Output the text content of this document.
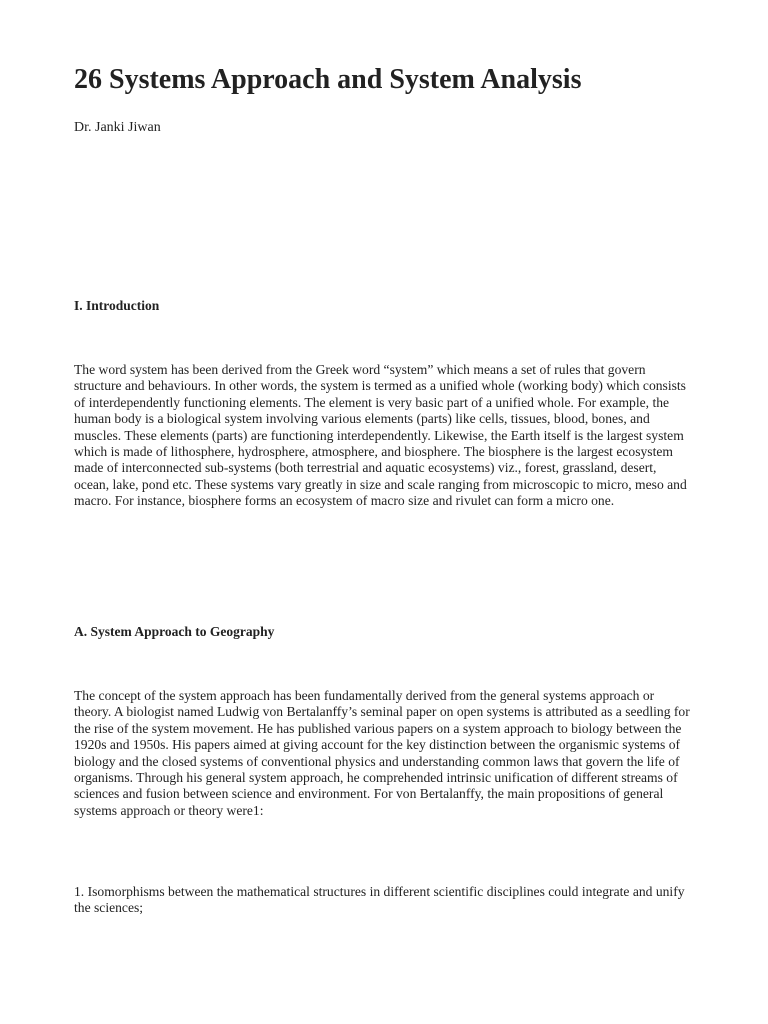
26 Systems Approach and System Analysis

Dr. Janki Jiwan

I. Introduction

The word system has been derived from the Greek word “system” which means a set of rules that govern structure and behaviours. In other words, the system is termed as a unified whole (working body) which consists of interdependently functioning elements. The element is very basic part of a unified whole. For example, the human body is a biological system involving various elements (parts) like cells, tissues, blood, bones, and muscles. These elements (parts) are functioning interdependently. Likewise, the Earth itself is the largest system which is made of lithosphere, hydrosphere, atmosphere, and biosphere. The biosphere is the largest ecosystem made of interconnected sub-systems (both terrestrial and aquatic ecosystems) viz., forest, grassland, desert, ocean, lake, pond etc. These systems vary greatly in size and scale ranging from microscopic to micro, meso and macro. For instance, biosphere forms an ecosystem of macro size and rivulet can form a micro one.

A. System Approach to Geography

The concept of the system approach has been fundamentally derived from the general systems approach or theory. A biologist named Ludwig von Bertalanffy’s seminal paper on open systems is attributed as a seedling for the rise of the system movement. He has published various papers on a system approach to biology between the 1920s and 1950s. His papers aimed at giving account for the key distinction between the organismic systems of biology and the closed systems of conventional physics and understanding common laws that govern the life of organisms. Through his general system approach, he comprehended intrinsic unification of different streams of sciences and fusion between science and environment. For von Bertalanffy, the main propositions of general systems approach or theory were1:

1. Isomorphisms between the mathematical structures in different scientific disciplines could integrate and unify the sciences;
